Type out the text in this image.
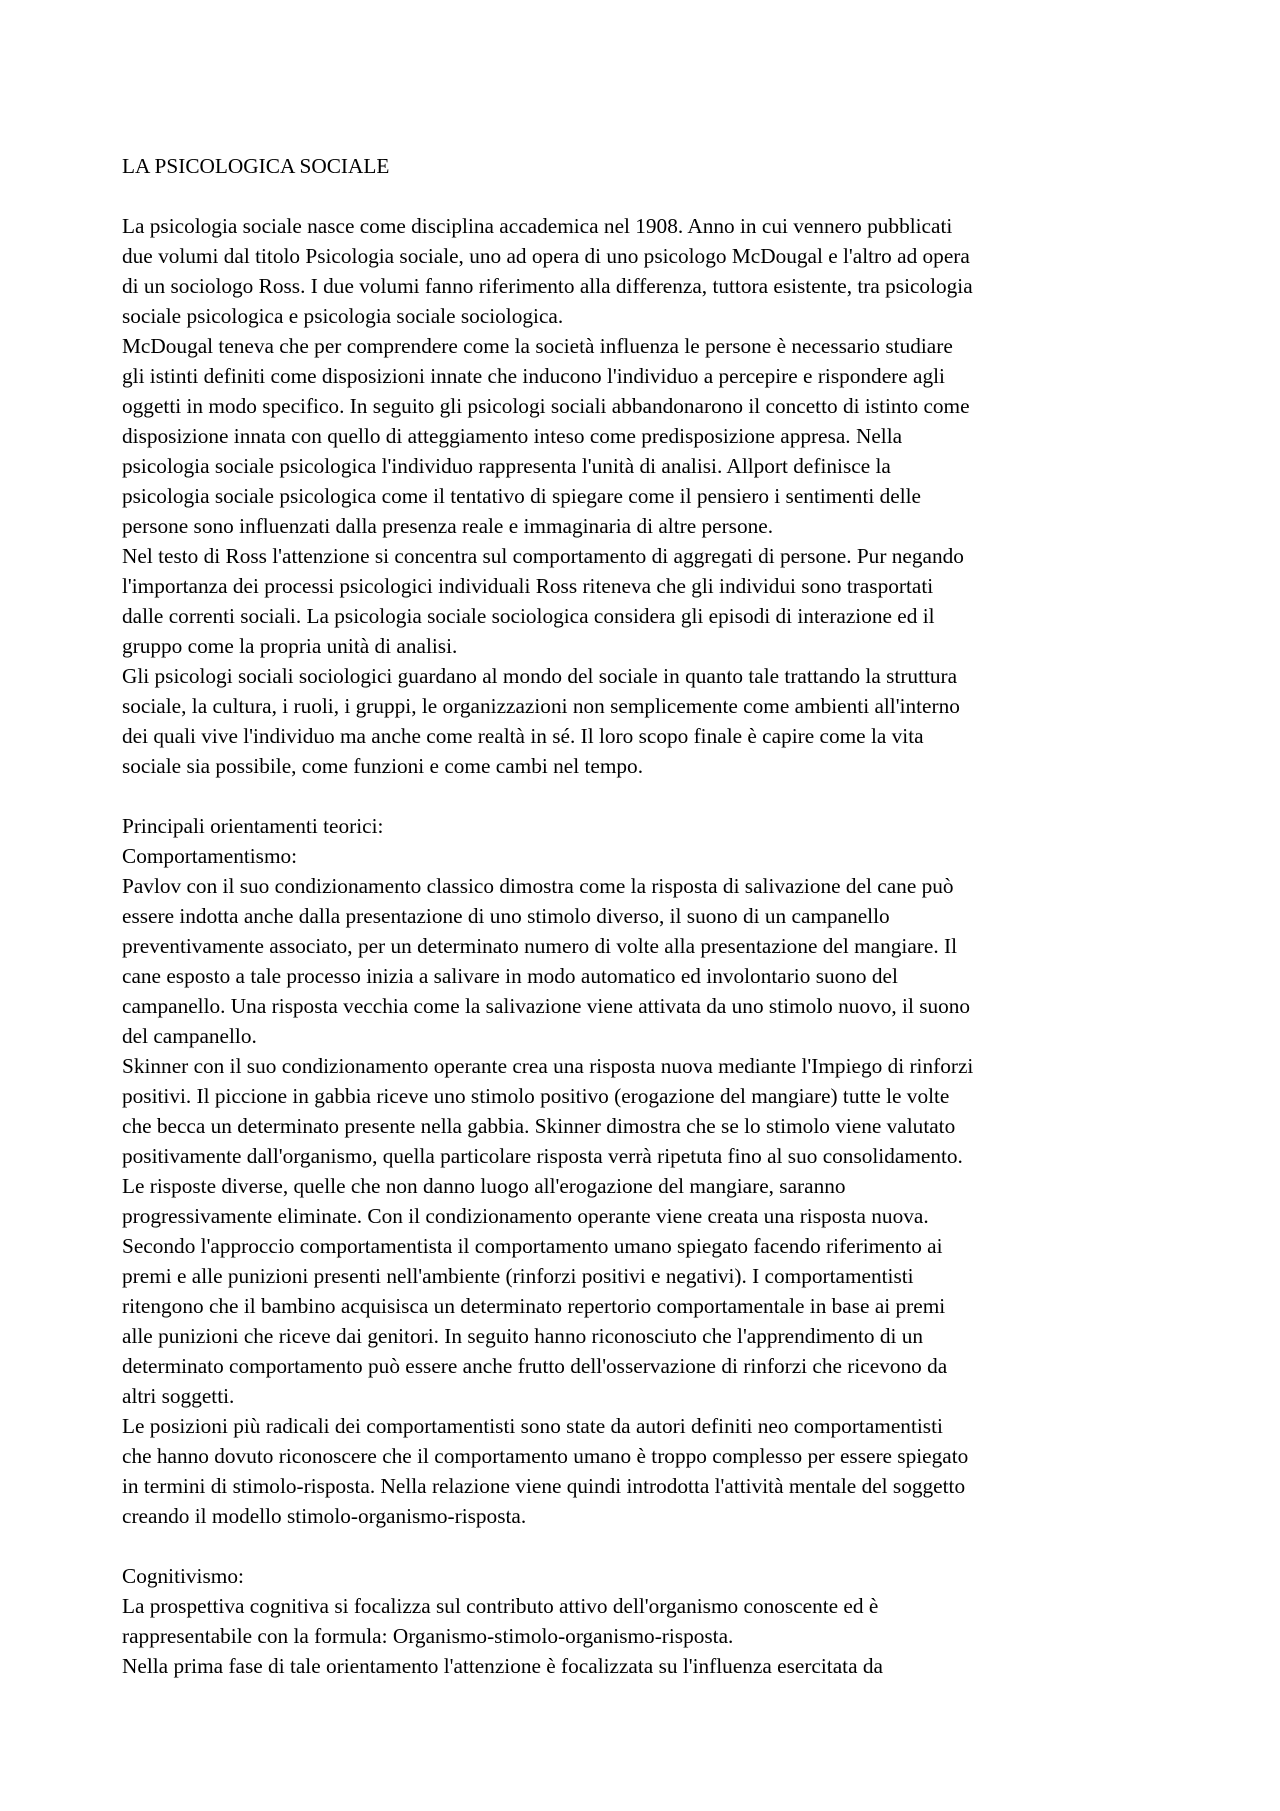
LA PSICOLOGICA SOCIALE
La psicologia sociale nasce come disciplina accademica nel 1908. Anno in cui vennero pubblicati
due volumi dal titolo Psicologia sociale, uno ad opera di uno psicologo McDougal e l'altro ad opera
di un sociologo Ross. I due volumi fanno riferimento alla differenza, tuttora esistente, tra psicologia
sociale psicologica e psicologia sociale sociologica.
McDougal teneva che per comprendere come la società influenza le persone è necessario studiare
gli istinti definiti come disposizioni innate che inducono l'individuo a percepire e rispondere agli
oggetti in modo specifico. In seguito gli psicologi sociali abbandonarono il concetto di istinto come
disposizione innata con quello di atteggiamento inteso come predisposizione appresa. Nella
psicologia sociale psicologica l'individuo rappresenta l'unità di analisi. Allport definisce la
psicologia sociale psicologica come il tentativo di spiegare come il pensiero i sentimenti delle
persone sono influenzati dalla presenza reale e immaginaria di altre persone.
Nel testo di Ross l'attenzione si concentra sul comportamento di aggregati di persone. Pur negando
l'importanza dei processi psicologici individuali Ross riteneva che gli individui sono trasportati
dalle correnti sociali. La psicologia sociale sociologica considera gli episodi di interazione ed il
gruppo come la propria unità di analisi.
Gli psicologi sociali sociologici guardano al mondo del sociale in quanto tale trattando la struttura
sociale, la cultura, i ruoli, i gruppi, le organizzazioni non semplicemente come ambienti all'interno
dei quali vive l'individuo ma anche come realtà in sé. Il loro scopo finale è capire come la vita
sociale sia possibile, come funzioni e come cambi nel tempo.
Principali orientamenti teorici:
Comportamentismo:
Pavlov con il suo condizionamento classico dimostra come la risposta di salivazione del cane può
essere indotta anche dalla presentazione di uno stimolo diverso, il suono di un campanello
preventivamente associato, per un determinato numero di volte alla presentazione del mangiare. Il
cane esposto a tale processo inizia a salivare in modo automatico ed involontario suono del
campanello. Una risposta vecchia come la salivazione viene attivata da uno stimolo nuovo, il suono
del campanello.
Skinner con il suo condizionamento operante crea una risposta nuova mediante l'Impiego di rinforzi
positivi. Il piccione in gabbia riceve uno stimolo positivo (erogazione del mangiare) tutte le volte
che becca un determinato presente nella gabbia. Skinner dimostra che se lo stimolo viene valutato
positivamente dall'organismo, quella particolare risposta verrà ripetuta fino al suo consolidamento.
Le risposte diverse, quelle che non danno luogo all'erogazione del mangiare, saranno
progressivamente eliminate. Con il condizionamento operante viene creata una risposta nuova.
Secondo l'approccio comportamentista il comportamento umano spiegato facendo riferimento ai
premi e alle punizioni presenti nell'ambiente (rinforzi positivi e negativi). I comportamentisti
ritengono che il bambino acquisisca un determinato repertorio comportamentale in base ai premi
alle punizioni che riceve dai genitori. In seguito hanno riconosciuto che l'apprendimento di un
determinato comportamento può essere anche frutto dell'osservazione di rinforzi che ricevono da
altri soggetti.
Le posizioni più radicali dei comportamentisti sono state da autori definiti neo comportamentisti
che hanno dovuto riconoscere che il comportamento umano è troppo complesso per essere spiegato
in termini di stimolo-risposta. Nella relazione viene quindi introdotta l'attività mentale del soggetto
creando il modello stimolo-organismo-risposta.
Cognitivismo:
La prospettiva cognitiva si focalizza sul contributo attivo dell'organismo conoscente ed è
rappresentabile con la formula: Organismo-stimolo-organismo-risposta.
Nella prima fase di tale orientamento l'attenzione è focalizzata su l'influenza esercitata da
